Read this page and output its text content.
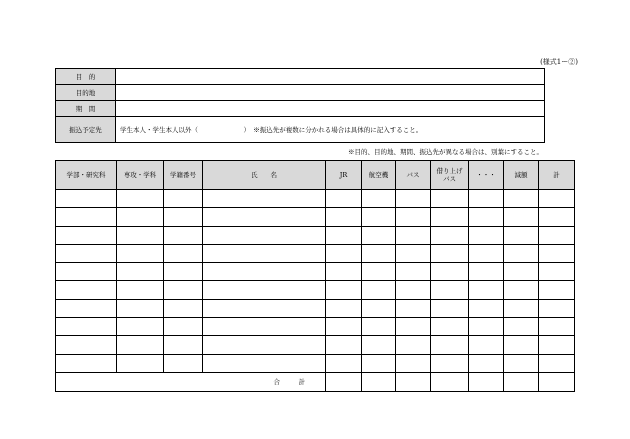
(様式1ー②)
目　的	
目的地	
期　間	
振込予定先	学生本人・学生本人以外（　　　　　　　）　※振込先が複数に分かれる場合は具体的に記入すること。
※目的、目的地、期間、振込先が異なる場合は、別葉にすること。
学部・研究科	専攻・学科	学籍番号	氏　　名	JR	航空機	バス	借り上げ
バス	・・・	減額	計

合　計										
